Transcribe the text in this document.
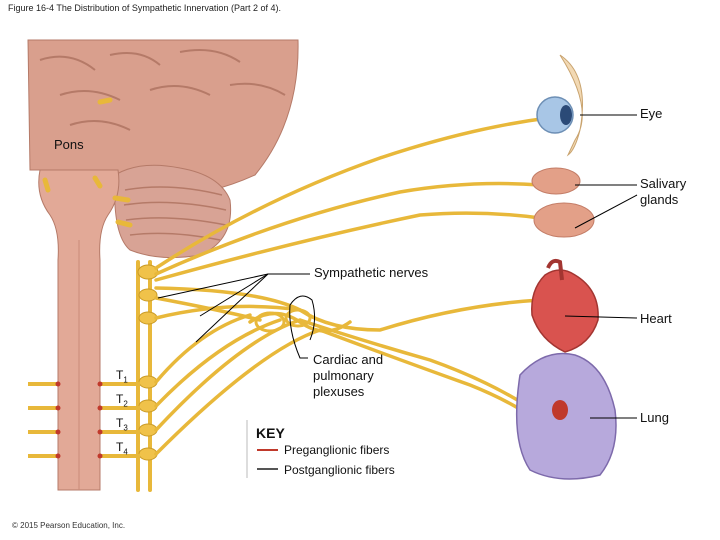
Figure 16-4 The Distribution of Sympathetic Innervation (Part 2 of 4).
Eye
Pons
Salivary glands
Sympathetic nerves
Heart
Cardiac and pulmonary plexuses
Lung
$T_1$
$T_2$
$T_3$
$T_4$
KEY
Preganglionic fibers
Postganglionic fibers
© 2015 Pearson Education, Inc.
